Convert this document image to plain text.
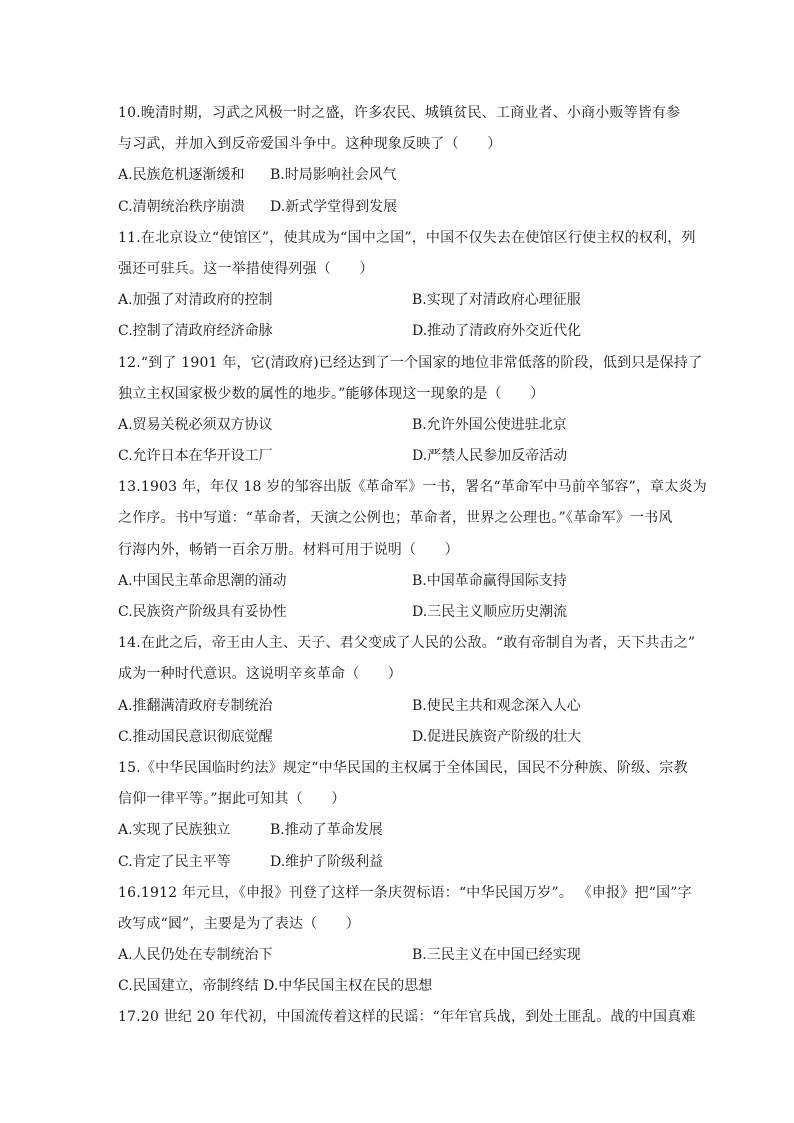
10.晚清时期，习武之风极一时之盛，许多农民、城镇贫民、工商业者、小商小贩等皆有参
与习武，并加入到反帝爱国斗争中。这种现象反映了（　　）
A.民族危机逐渐缓和 B.时局影响社会风气
C.清朝统治秩序崩溃 D.新式学堂得到发展
11.在北京设立“使馆区”，使其成为“国中之国”，中国不仅失去在使馆区行使主权的权利，列
强还可驻兵。这一举措使得列强（　　）
A.加强了对清政府的控制	B.实现了对清政府心理征服
C.控制了清政府经济命脉	D.推动了清政府外交近代化
12.“到了 1901 年，它(清政府)已经达到了一个国家的地位非常低落的阶段，低到只是保持了
独立主权国家极少数的属性的地步。”能够体现这一现象的是（　　）
A.贸易关税必须双方协议	B.允许外国公使进驻北京
C.允许日本在华开设工厂	D.严禁人民参加反帝活动
13.1903 年，年仅 18 岁的邹容出版《革命军》一书，署名“革命军中马前卒邹容”，章太炎为
之作序。书中写道：“革命者，天演之公例也；革命者，世界之公理也。”《革命军》一书风
行海内外，畅销一百余万册。材料可用于说明（　　）
A.中国民主革命思潮的涌动	B.中国革命赢得国际支持
C.民族资产阶级具有妥协性	D.三民主义顺应历史潮流
14.在此之后，帝王由人主、天子、君父变成了人民的公敌。“敢有帝制自为者，天下共击之”
成为一种时代意识。这说明辛亥革命（　　）
A.推翻满清政府专制统治	B.使民主共和观念深入人心
C.推动国民意识彻底觉醒	D.促进民族资产阶级的壮大
15.《中华民国临时约法》规定“中华民国的主权属于全体国民，国民不分种族、阶级、宗教
信仰一律平等。”据此可知其（　　）
A.实现了民族独立	B.推动了革命发展
C.肯定了民主平等	D.维护了阶级利益
16.1912 年元旦，《申报》刊登了这样一条庆贺标语：“中华民国万岁”。 《申报》把“国”字
改写成“囻”，主要是为了表达（　　）
A.人民仍处在专制统治下	B.三民主义在中国已经实现
C.民国建立，帝制终结 D.中华民国主权在民的思想
17.20 世纪 20 年代初，中国流传着这样的民谣：“年年官兵战，到处土匪乱。战的中国真难
